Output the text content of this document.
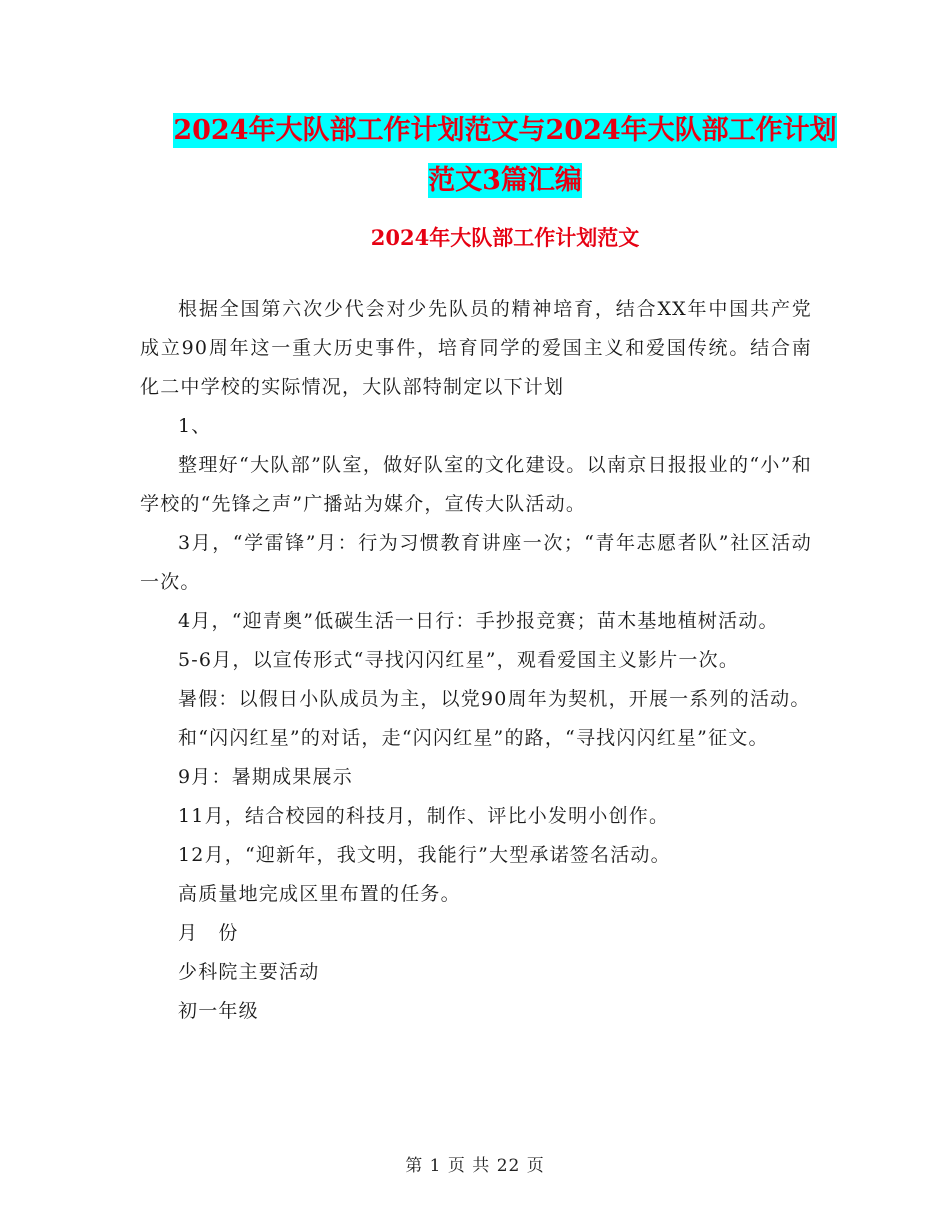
2024年大队部工作计划范文与2024年大队部工作计划
范文3篇汇编
2024年大队部工作计划范文

根据全国第六次少代会对少先队员的精神培育，结合XX年中国共产党成立90周年这一重大历史事件，培育同学的爱国主义和爱国传统。结合南化二中学校的实际情况，大队部特制定以下计划

1、

整理好“大队部”队室，做好队室的文化建设。以南京日报报业的“小”和学校的“先锋之声”广播站为媒介，宣传大队活动。

3月，“学雷锋”月：行为习惯教育讲座一次；“青年志愿者队”社区活动一次。

4月，“迎青奥”低碳生活一日行：手抄报竞赛；苗木基地植树活动。

5-6月，以宣传形式“寻找闪闪红星”，观看爱国主义影片一次。

暑假：以假日小队成员为主，以党90周年为契机，开展一系列的活动。

和“闪闪红星”的对话，走“闪闪红星”的路，“寻找闪闪红星”征文。

9月：暑期成果展示

11月，结合校园的科技月，制作、评比小发明小创作。

12月，“迎新年，我文明，我能行”大型承诺签名活动。

高质量地完成区里布置的任务。

月　份

少科院主要活动

初一年级

第 1 页 共 22 页
